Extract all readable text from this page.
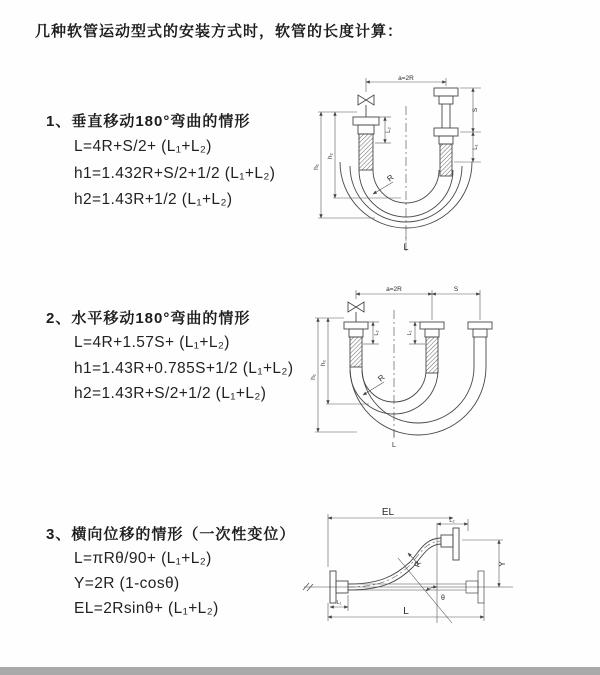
几种软管运动型式的安装方式时，软管的长度计算：
1、垂直移动180°弯曲的情形
L=4R+S/2+ (L₁+L₂)
h1=1.432R+S/2+1/2 (L₁+L₂)
h2=1.43R+1/2 (L₁+L₂)
a=2R
S
L₁
L₂
h₁
h₂
R
L
2、水平移动180°弯曲的情形
L=4R+1.57S+ (L₁+L₂)
h1=1.43R+0.785S+1/2 (L₁+L₂)
h2=1.43R+S/2+1/2 (L₁+L₂)
a=2R	S
L₂	L₁
h₁
h₂
R
L
3、横向位移的情形（一次性变位）
L=πRθ/90+ (L₁+L₂)
Y=2R (1-cosθ)
EL=2Rsinθ+ (L₁+L₂)
EL
L₂
Y
L
R
θ
L₁
